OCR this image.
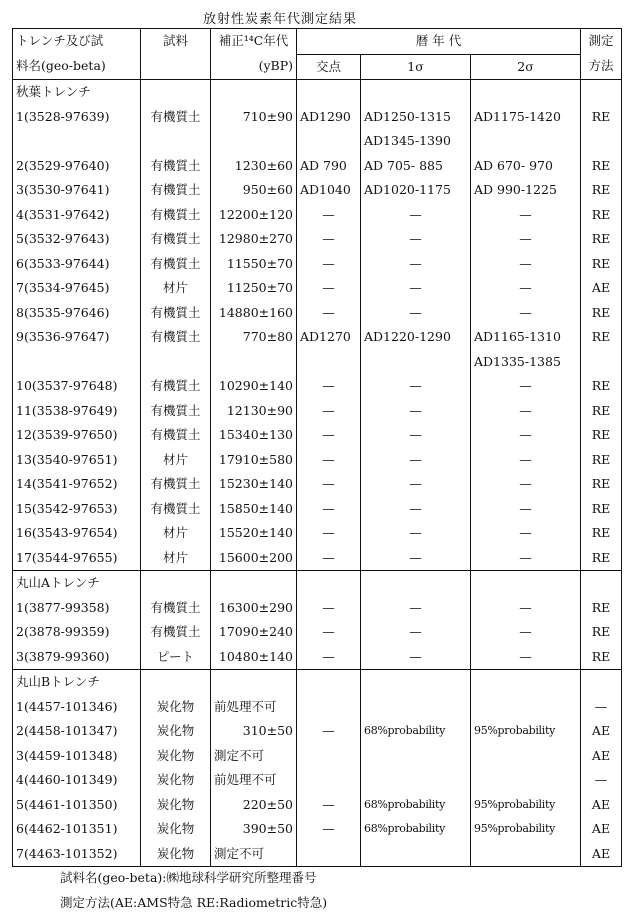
放射性炭素年代測定結果
トレンチ及び試	試料	補正¹⁴C年代	暦 年 代			測定
料名(geo-beta)		(yBP)	交点	1σ	2σ	方法
秋葉トレンチ						
1(3528-97639)	有機質土	710±90	AD1290	AD1250-1315	AD1175-1420	RE
				AD1345-1390		
2(3529-97640)	有機質土	1230±60	AD 790	AD 705- 885	AD 670- 970	RE
3(3530-97641)	有機質土	950±60	AD1040	AD1020-1175	AD 990-1225	RE
4(3531-97642)	有機質土	12200±120	—	—	—	RE
5(3532-97643)	有機質土	12980±270	—	—	—	RE
6(3533-97644)	有機質土	11550±70	—	—	—	RE
7(3534-97645)	材片	11250±70	—	—	—	AE
8(3535-97646)	有機質土	14880±160	—	—	—	RE
9(3536-97647)	有機質土	770±80	AD1270	AD1220-1290	AD1165-1310	RE
					AD1335-1385	
10(3537-97648)	有機質土	10290±140	—	—	—	RE
11(3538-97649)	有機質土	12130±90	—	—	—	RE
12(3539-97650)	有機質土	15340±130	—	—	—	RE
13(3540-97651)	材片	17910±580	—	—	—	RE
14(3541-97652)	有機質土	15230±140	—	—	—	RE
15(3542-97653)	有機質土	15850±140	—	—	—	RE
16(3543-97654)	材片	15520±140	—	—	—	RE
17(3544-97655)	材片	15600±200	—	—	—	RE
丸山Aトレンチ						
1(3877-99358)	有機質土	16300±290	—	—	—	RE
2(3878-99359)	有機質土	17090±240	—	—	—	RE
3(3879-99360)	ピート	10480±140	—	—	—	RE
丸山Bトレンチ						
1(4457-101346)	炭化物	前処理不可				—
2(4458-101347)	炭化物	310±50	—	68%probability	95%probability	AE
3(4459-101348)	炭化物	測定不可				AE
4(4460-101349)	炭化物	前処理不可				—
5(4461-101350)	炭化物	220±50	—	68%probability	95%probability	AE
6(4462-101351)	炭化物	390±50	—	68%probability	95%probability	AE
7(4463-101352)	炭化物	測定不可				AE
試料名(geo-beta):㈱地球科学研究所整理番号
測定方法(AE:AMS特急 RE:Radiometric特急)
